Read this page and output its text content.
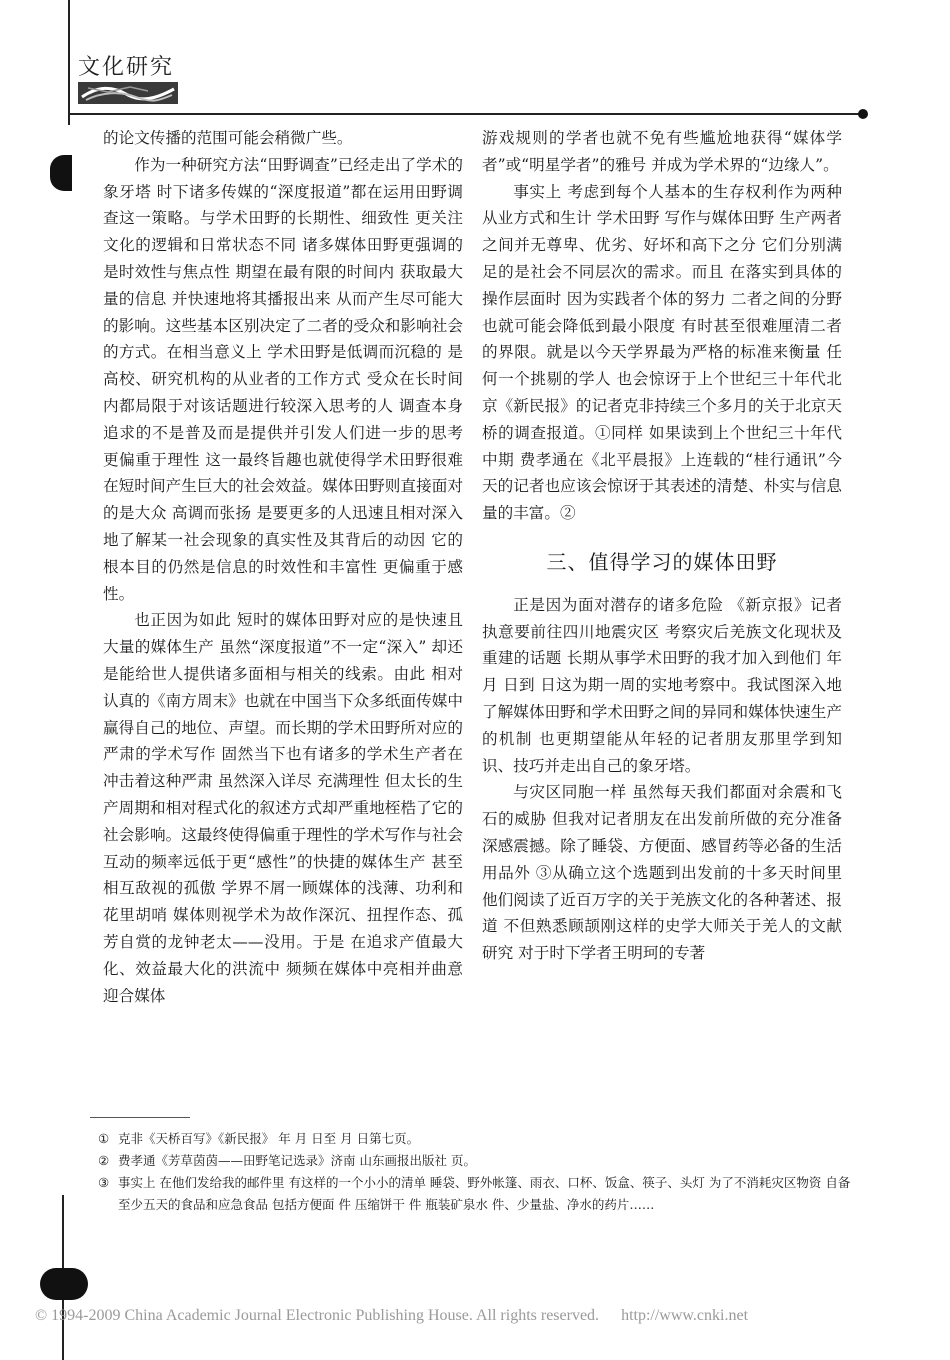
文化研究

的论文传播的范围可能会稍微广些。

作为一种研究方法“田野调查”已经走出了学术的象牙塔 时下诸多传媒的“深度报道”都在运用田野调查这一策略。与学术田野的长期性、细致性 更关注文化的逻辑和日常状态不同 诸多媒体田野更强调的是时效性与焦点性 期望在最有限的时间内 获取最大量的信息 并快速地将其播报出来 从而产生尽可能大的影响。这些基本区别决定了二者的受众和影响社会的方式。在相当意义上 学术田野是低调而沉稳的 是高校、研究机构的从业者的工作方式 受众在长时间内都局限于对该话题进行较深入思考的人 调查本身追求的不是普及而是提供并引发人们进一步的思考 更偏重于理性 这一最终旨趣也就使得学术田野很难在短时间产生巨大的社会效益。媒体田野则直接面对的是大众 高调而张扬 是要更多的人迅速且相对深入地了解某一社会现象的真实性及其背后的动因 它的根本目的仍然是信息的时效性和丰富性 更偏重于感性。

也正因为如此 短时的媒体田野对应的是快速且大量的媒体生产 虽然“深度报道”不一定“深入” 却还是能给世人提供诸多面相与相关的线索。由此 相对认真的《南方周末》也就在中国当下众多纸面传媒中赢得自己的地位、声望。而长期的学术田野所对应的严肃的学术写作 固然当下也有诸多的学术生产者在冲击着这种严肃 虽然深入详尽 充满理性 但太长的生产周期和相对程式化的叙述方式却严重地桎梏了它的社会影响。这最终使得偏重于理性的学术写作与社会互动的频率远低于更“感性”的快捷的媒体生产 甚至相互敌视的孤傲 学界不屑一顾媒体的浅薄、功利和花里胡哨 媒体则视学术为故作深沉、扭捏作态、孤芳自赏的龙钟老太——没用。于是 在追求产值最大化、效益最大化的洪流中 频频在媒体中亮相并曲意迎合媒体

游戏规则的学者也就不免有些尴尬地获得“媒体学者”或“明星学者”的雅号 并成为学术界的“边缘人”。

事实上 考虑到每个人基本的生存权利作为两种从业方式和生计 学术田野 写作与媒体田野 生产两者之间并无尊卑、优劣、好坏和高下之分 它们分别满足的是社会不同层次的需求。而且 在落实到具体的操作层面时 因为实践者个体的努力 二者之间的分野也就可能会降低到最小限度 有时甚至很难厘清二者的界限。就是以今天学界最为严格的标准来衡量 任何一个挑剔的学人 也会惊讶于上个世纪三十年代北京《新民报》的记者克非持续三个多月的关于北京天桥的调查报道。①同样 如果读到上个世纪三十年代中期 费孝通在《北平晨报》上连载的“桂行通讯”今天的记者也应该会惊讶于其表述的清楚、朴实与信息量的丰富。②

三、值得学习的媒体田野

正是因为面对潜存的诸多危险 《新京报》记者执意要前往四川地震灾区 考察灾后羌族文化现状及重建的话题 长期从事学术田野的我才加入到他们 年 月 日到 日这为期一周的实地考察中。我试图深入地了解媒体田野和学术田野之间的异同和媒体快速生产的机制 也更期望能从年轻的记者朋友那里学到知识、技巧并走出自己的象牙塔。

与灾区同胞一样 虽然每天我们都面对余震和飞石的威胁 但我对记者朋友在出发前所做的充分准备深感震撼。除了睡袋、方便面、感冒药等必备的生活用品外 ③从确立这个选题到出发前的十多天时间里 他们阅读了近百万字的关于羌族文化的各种著述、报道 不但熟悉顾颉刚这样的史学大师关于羌人的文献研究 对于时下学者王明珂的专著

① 克非《天桥百写》《新民报》 年 月 日至 月 日第七页。

② 费孝通《芳草茵茵——田野笔记选录》济南 山东画报出版社 页。

③ 事实上 在他们发给我的邮件里 有这样的一个小小的清单 睡袋、野外帐篷、雨衣、口杯、饭盒、筷子、头灯 为了不消耗灾区物资 自备至少五天的食品和应急食品 包括方便面 件 压缩饼干 件 瓶装矿泉水 件、少量盐、净水的药片……

© 1994-2009 China Academic Journal Electronic Publishing House. All rights reserved. http://www.cnki.net
